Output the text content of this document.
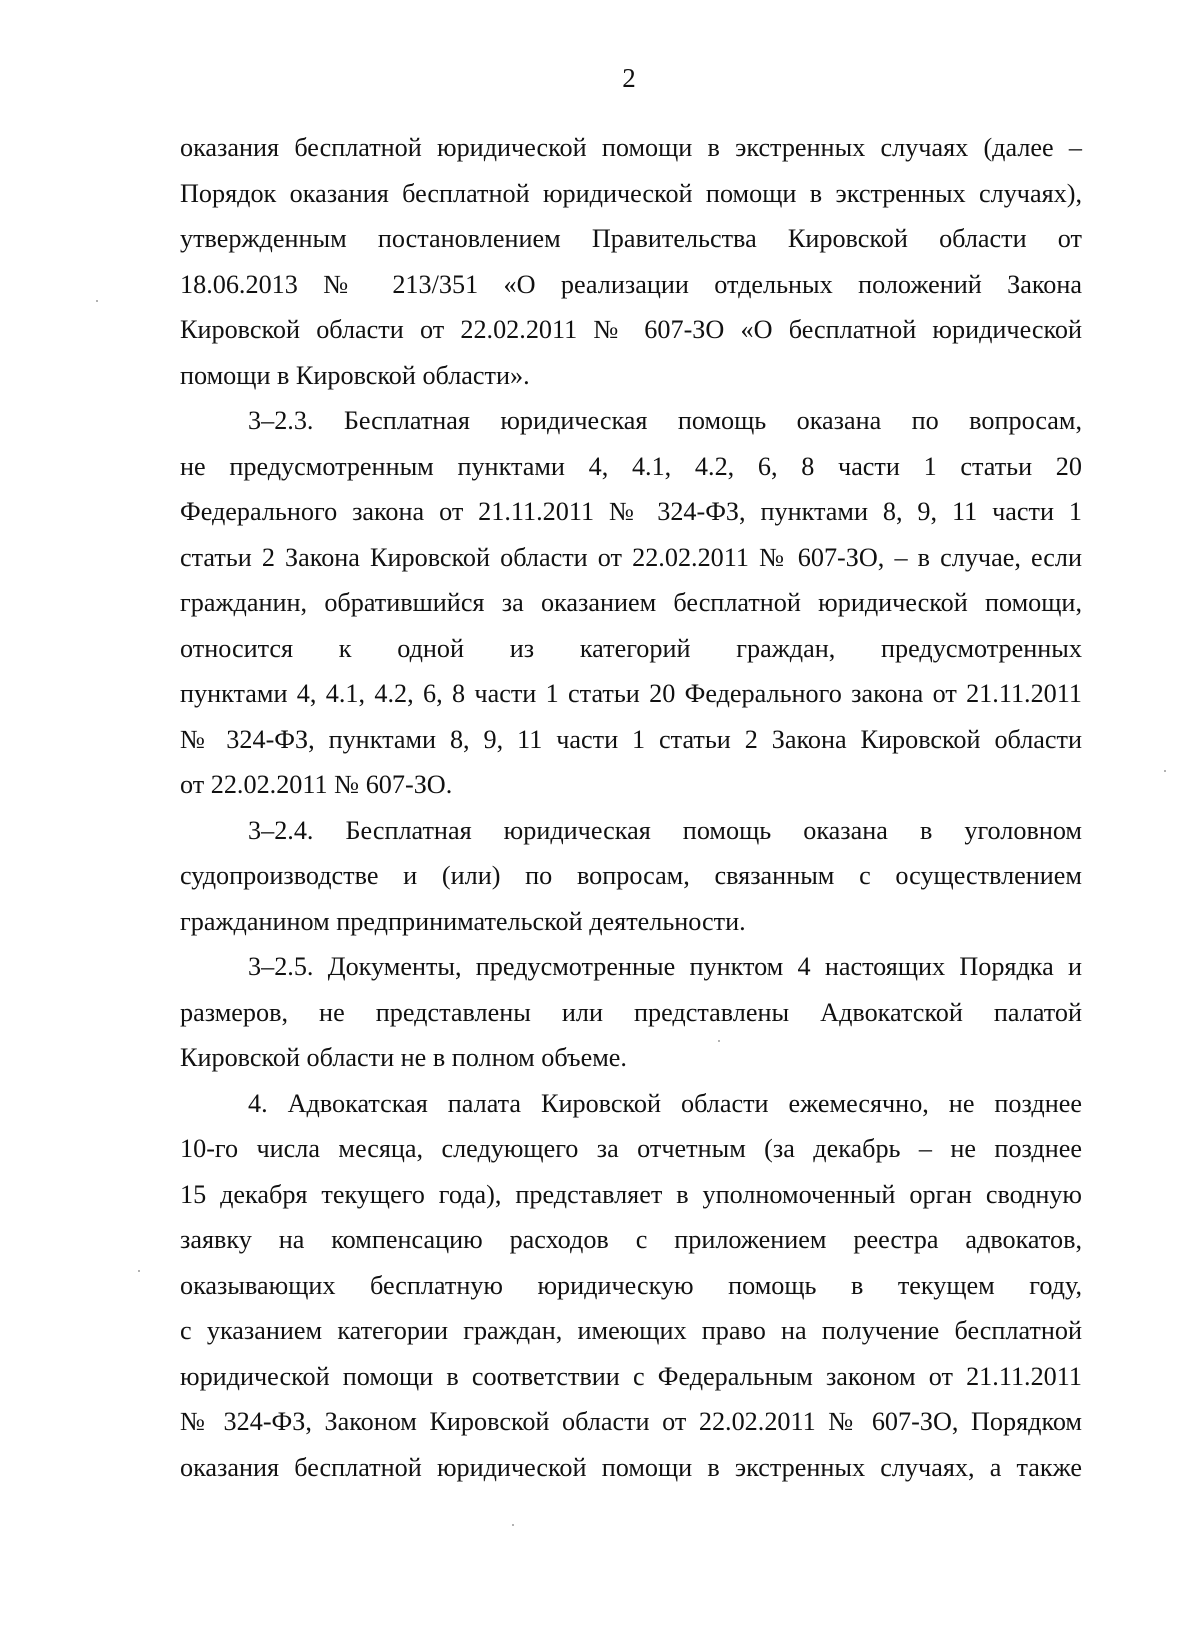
2
оказания бесплатной юридической помощи в экстренных случаях (далее –
Порядок оказания бесплатной юридической помощи в экстренных случаях),
утвержденным постановлением Правительства Кировской области от
18.06.2013 № 213/351 «О реализации отдельных положений Закона
Кировской области от 22.02.2011 № 607-ЗО «О бесплатной юридической
помощи в Кировской области».
3–2.3. Бесплатная юридическая помощь оказана по вопросам,
не предусмотренным пунктами 4, 4.1, 4.2, 6, 8 части 1 статьи 20
Федерального закона от 21.11.2011 № 324-ФЗ, пунктами 8, 9, 11 части 1
статьи 2 Закона Кировской области от 22.02.2011 № 607-ЗО, – в случае, если
гражданин, обратившийся за оказанием бесплатной юридической помощи,
относится к одной из категорий граждан, предусмотренных
пунктами 4, 4.1, 4.2, 6, 8 части 1 статьи 20 Федерального закона от 21.11.2011
№ 324-ФЗ, пунктами 8, 9, 11 части 1 статьи 2 Закона Кировской области
от 22.02.2011 № 607-ЗО.
3–2.4. Бесплатная юридическая помощь оказана в уголовном
судопроизводстве и (или) по вопросам, связанным с осуществлением
гражданином предпринимательской деятельности.
3–2.5. Документы, предусмотренные пунктом 4 настоящих Порядка и
размеров, не представлены или представлены Адвокатской палатой
Кировской области не в полном объеме.
4. Адвокатская палата Кировской области ежемесячно, не позднее
10-го числа месяца, следующего за отчетным (за декабрь – не позднее
15 декабря текущего года), представляет в уполномоченный орган сводную
заявку на компенсацию расходов с приложением реестра адвокатов,
оказывающих бесплатную юридическую помощь в текущем году,
с указанием категории граждан, имеющих право на получение бесплатной
юридической помощи в соответствии с Федеральным законом от 21.11.2011
№ 324-ФЗ, Законом Кировской области от 22.02.2011 № 607-ЗО, Порядком
оказания бесплатной юридической помощи в экстренных случаях, а также
